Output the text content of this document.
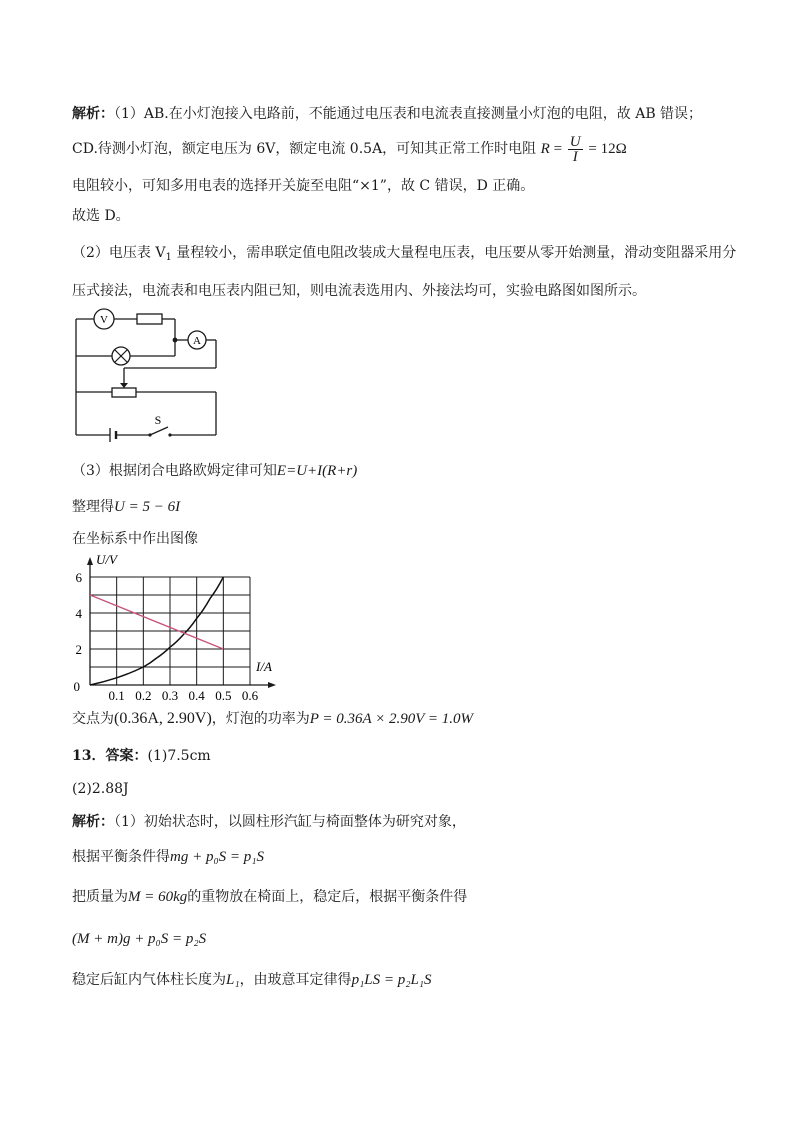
解析：（1）AB.在小灯泡接入电路前，不能通过电压表和电流表直接测量小灯泡的电阻，故 AB 错误；
CD.待测小灯泡，额定电压为 6V，额定电流 0.5A，可知其正常工作时电阻 $R = \frac{U}{I} = 12\Omega$
电阻较小，可知多用电表的选择开关旋至电阻“×1”，故 C 错误，D 正确。
故选 D。
（2）电压表 $V_1$ 量程较小，需串联定值电阻改装成大量程电压表，电压要从零开始测量，滑动变阻器采用分
压式接法，电流表和电压表内阻已知，则电流表选用内、外接法均可，实验电路图如图所示。
V
A
S
（3）根据闭合电路欧姆定律可知E=U+I(R+r)
整理得U = 5 − 6I
在坐标系中作出图像
0.1 0.2 0.3 0.4 0.5 0.6
2
4
6
0
I/A
U/V
交点为(0.36A, 2.90V)，灯泡的功率为P = 0.36A × 2.90V = 1.0W
13．答案：(1)7.5cm
(2)2.88J
解析：（1）初始状态时，以圆柱形汽缸与椅面整体为研究对象，
根据平衡条件得mg + p₀S = p₁S
把质量为M = 60kg的重物放在椅面上，稳定后，根据平衡条件得
(M + m)g + p₀S = p₂S
稳定后缸内气体柱长度为L₁，由玻意耳定律得p₁LS = p₂L₁S
